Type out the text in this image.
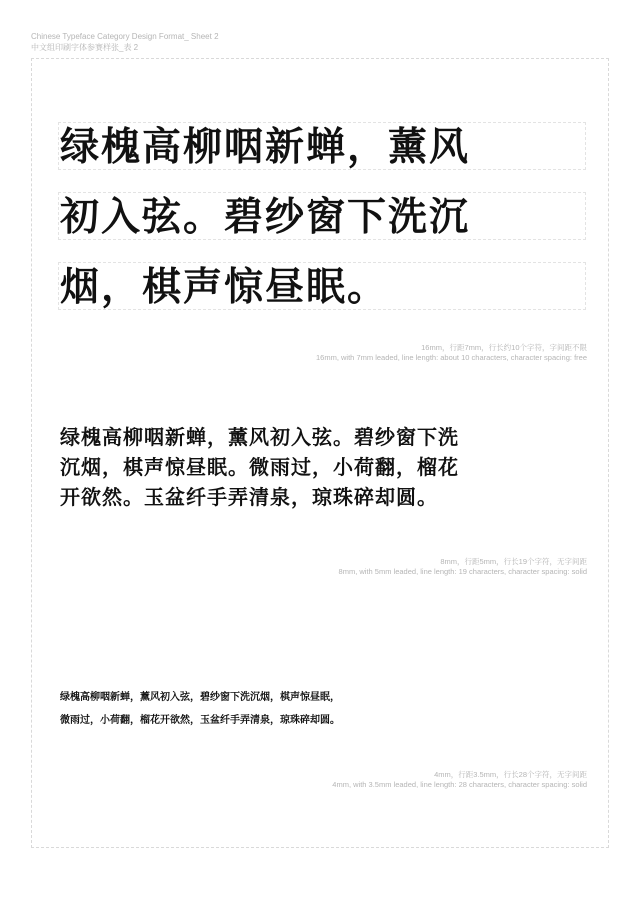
Chinese Typeface Category Design Format_ Sheet 2
中文组印刷字体参赛样张_表 2
绿槐高柳咽新蝉，薰风
初入弦。碧纱窗下洗沉
烟，棋声惊昼眠。
16mm，行距7mm，行长约10个字符，字间距不限
16mm, with 7mm leaded, line length: about 10 characters, character spacing: free
绿槐高柳咽新蝉，薰风初入弦。碧纱窗下洗
沉烟，棋声惊昼眠。微雨过，小荷翻，榴花
开欲然。玉盆纤手弄清泉，琼珠碎却圆。
8mm，行距5mm，行长19个字符，无字间距
8mm, with 5mm leaded, line length: 19 characters, character spacing: solid
绿槐高柳咽新蝉，薰风初入弦，碧纱窗下洗沉烟，棋声惊昼眠，
微雨过，小荷翻，榴花开欲然，玉盆纤手弄清泉，琼珠碎却圆。
4mm，行距3.5mm，行长28个字符，无字间距
4mm, with 3.5mm leaded, line length: 28 characters, character spacing: solid
